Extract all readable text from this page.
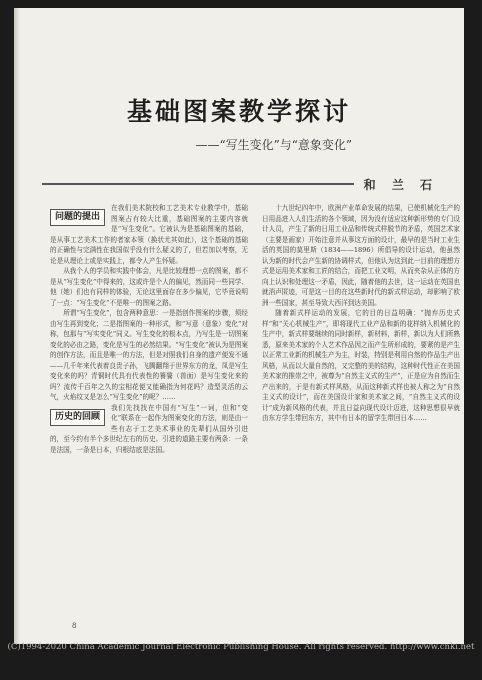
基础图案教学探讨
——“写生变化”与“意象变化”
和 兰 石
问题的提出

在我们美术院校和工艺美术专业教学中，基础图案占有较大比重，基础图案的主要内容就是“写生变化”。它被认为是基础图案的基础，是从事工艺美术工作的者家本领（换状尤其如此），这个基础的基础的正确性与完满性在我国似乎没有什么疑义的了，但若加以考察，无论是从理论上或是实践上，都令人产生怀疑。

从我个人的学员和实践中体会，凡是比较理想一点的图案，都不是从“写生变化”中得来的，这或许是个人的偏见，然而同一些同学、他（她）们也有同样的体验，无论这里面存在多少偏见，它毕竟说明了一点：“写生变化”不是唯一的图案之路。

所谓“写生变化”，包含两种意思：一是指创作图案的步骤，须经由写生再到变化；二是指图案的一种形式，和“写意（意象）变化”对称，包那与“写实变化”同义。写生变化的根本点，乃写生是一切图案变化的必由之路，变化是写生的必然结果。“写生变化”被认为是图案的创作方法，而且是唯一的方法，但是对照我们自身的遗产便发不通——几千年来代表着良贵子孙，飞腾翻翔于世界东方的龙，凤是写生变化来的吗？青铜时代具有代表性的饕餮（兽面）是写生变化来的吗？流传千百年之久的宝相花便又能确指为何花吗？造型灵活的云气，火焰纹又是怎么“写生变化”的呢？……

历史的回顾

我们先找找在中国有“写生”一词，但和“变化”联系在一起作为图案变化的方法，则是由一些有志于工艺美术事业的先辈们从国外引进的，至今约有半个多世纪左右的历史。引进的道路主要有两条：一条是法国，一条是日本，归根结底是法国。

十九世纪四年中，欧洲产业革命发展的结果，已使机械化生产的日用品进入人们生活的各个领域，因为没有适应这种新形势的专门设计人员，产生了新的日用工业品和传统式样脱节的矛盾，英国艺术家（主要是画家）开始注意并从事这方面的设计，最早的是当时工业生活的英国的莫里斯（1834——1896）所倡导的设计运动，他虽然认为新的时代会产生新的协调样式，但他认为这到此一目前的理想方式是运用美术家和工匠的结合，而把工业文明，从而夹杂从正体的方向上认识和处理这一矛盾，因此，随着他的去世，这一运动在英国也就消声匿迹，可是这一目的在这些新时代的新式样运动，却影响了欧洲一些国家，甚至导致大西洋到达美国。

随着新式样运动的发展，它的目的日益明确：“抛弃历史式样”和“关心机械生产”，即将现代工业产品和新的花样纳入机械化的生产中，新式样要继续的同时新样，新材料，新样，新以为人们所熟悉，原来美术家的个人艺术作品因之而产生所形成的，要紧的是产生以正常工业新的机械生产为主，时装，特别是利用自然的作品生产出风格，从而以大量自然的，又完整的美的结构，这种时代性正在美国美术家的推崇之中，被尊为“自然主义式的生产”，正是应为自然而生产出来的，于是有新式样风格，从而这种新式样也被人称之为“自然主义式的设计”，而在美国设计家和美术家之间，“自然主义式的设计”成为新风格的代表，并且日益向现代设计迈进，这种思想很早就由东方学生带回东方，其中有日本的留学生带回日本……

8
(C)1994-2020 China Academic Journal Electronic Publishing House. All rights reserved. http://www.cnki.net
